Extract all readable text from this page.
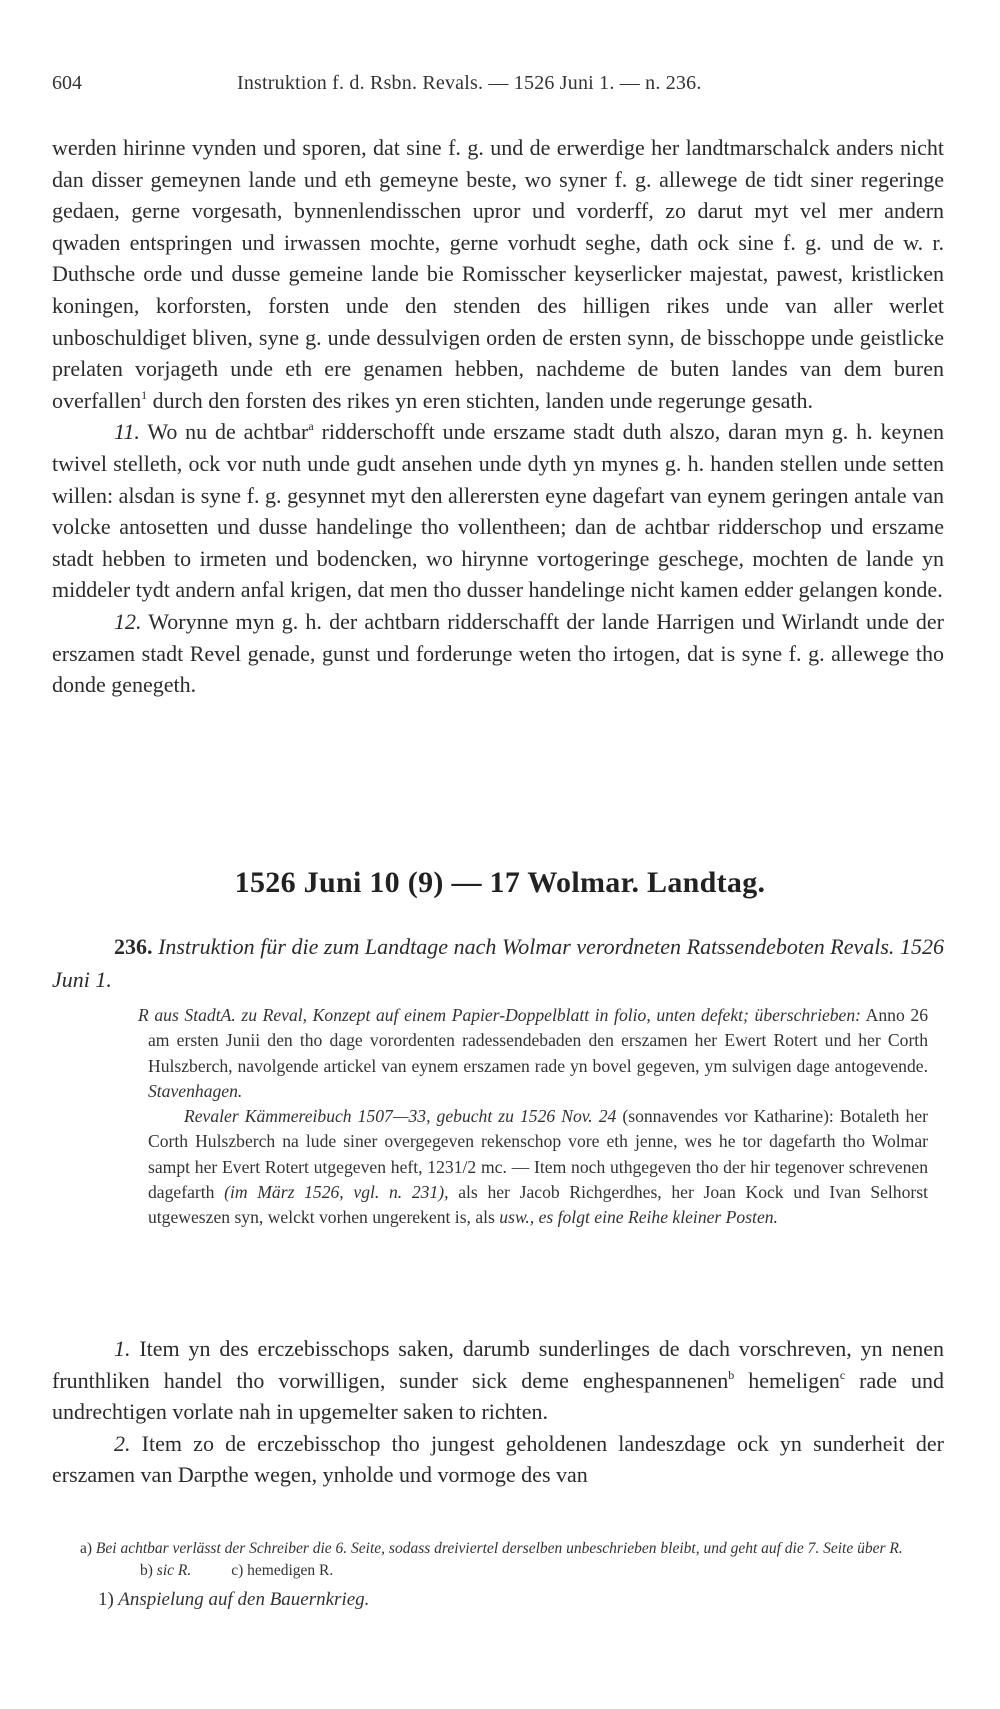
604	Instruktion f. d. Rsbn. Revals. — 1526 Juni 1. — n. 236.

werden hirinne vynden und sporen, dat sine f. g. und de erwerdige her landtmarschalck anders nicht dan disser gemeynen lande und eth gemeyne beste, wo syner f. g. allewege de tidt siner regeringe gedaen, gerne vorgesath, bynnenlendisschen upror und vorderff, zo darut myt vel mer andern qwaden entspringen und irwassen mochte, gerne vorhudt seghe, dath ock sine f. g. und de w. r. Duthsche orde und dusse gemeine lande bie Romisscher keyserlicker majestat, pawest, kristlicken koningen, korforsten, forsten unde den stenden des hilligen rikes unde van aller werlet unboschuldiget bliven, syne g. unde dessulvigen orden de ersten synn, de bisschoppe unde geistlicke prelaten vorjageth unde eth ere genamen hebben, nachdeme de buten landes van dem buren overfallen$^1$ durch den forsten des rikes yn eren stichten, landen unde regerunge gesath.

11. Wo nu de achtbar$^a$ ridderschofft unde erszame stadt duth alszo, daran myn g. h. keynen twivel stelleth, ock vor nuth unde gudt ansehen unde dyth yn mynes g. h. handen stellen unde setten willen: alsdan is syne f. g. gesynnet myt den allerersten eyne dagefart van eynem geringen antale van volcke antosetten und dusse handelinge tho vollentheen; dan de achtbar ridderschop und erszame stadt hebben to irmeten und bodencken, wo hirynne vortogeringe geschege, mochten de lande yn middeler tydt andern anfal krigen, dat men tho dusser handelinge nicht kamen edder gelangen konde.

12. Worynne myn g. h. der achtbarn ridderschafft der lande Harrigen und Wirlandt unde der erszamen stadt Revel genade, gunst und forderunge weten tho irtogen, dat is syne f. g. allewege tho donde genegeth.

1526 Juni 10 (9) — 17 Wolmar. Landtag.
236. Instruktion für die zum Landtage nach Wolmar verordneten Ratssendeboten Revals. 1526 Juni 1.

R aus StadtA. zu Reval, Konzept auf einem Papier-Doppelblatt in folio, unten defekt; überschrieben: Anno 26 am ersten Junii den tho dage vorordenten radessendebaden den erszamen her Ewert Rotert und her Corth Hulszberch, navolgende artickel van eynem erszamen rade yn bovel gegeven, ym sulvigen dage antogevende. Stavenhagen.

Revaler Kämmereibuch 1507—33, gebucht zu 1526 Nov. 24 (sonnavendes vor Katharine): Botaleth her Corth Hulszberch na lude siner overgegeven rekenschop vore eth jenne, wes he tor dagefarth tho Wolmar sampt her Evert Rotert utgegeven heft, 1231/2 mc. — Item noch uthgegeven tho der hir tegenover schrevenen dagefarth (im März 1526, vgl. n. 231), als her Jacob Richgerdhes, her Joan Kock und Ivan Selhorst utgeweszen syn, welckt vorhen ungerekent is, als usw., es folgt eine Reihe kleiner Posten.

1. Item yn des erczebisschops saken, darumb sunderlinges de dach vorschreven, yn nenen frunthliken handel tho vorwilligen, sunder sick deme enghespannenen$^b$ hemeligen$^c$ rade und undrechtigen vorlate nah in upgemelter saken to richten.

2. Item zo de erczebisschop tho jungest geholdenen landeszdage ock yn sunderheit der erszamen van Darpthe wegen, ynholde und vormoge des van

a) Bei achtbar verlässt der Schreiber die 6. Seite, sodass dreiviertel derselben unbeschrieben bleibt, und geht auf die 7. Seite über R.

b) sic R.	c) hemedigen R.

1) Anspielung auf den Bauernkrieg.
